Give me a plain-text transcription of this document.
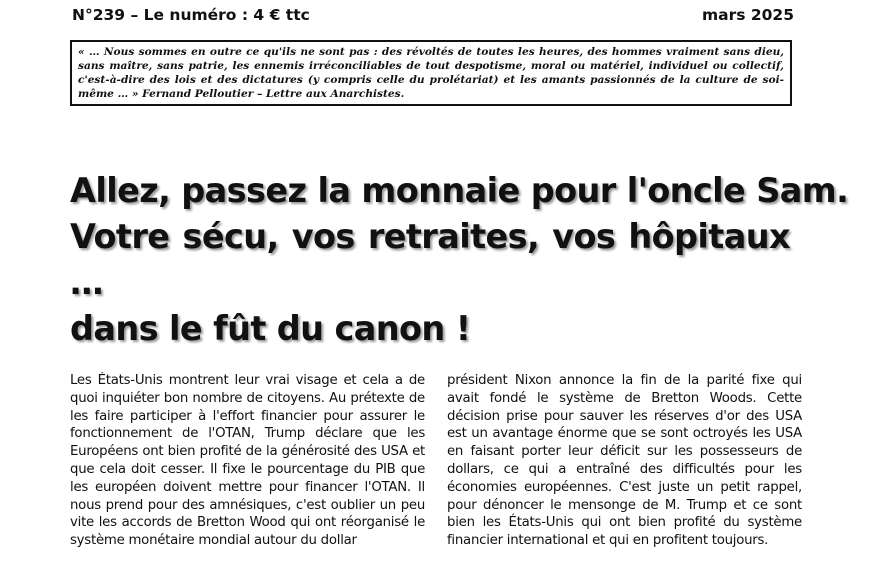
N°239 – Le numéro : 4 € ttc	mars 2025
« … Nous sommes en outre ce qu'ils ne sont pas : des révoltés de toutes les heures, des hommes vraiment sans dieu, sans maître, sans patrie, les ennemis irréconciliables de tout despotisme, moral ou matériel, individuel ou collectif, c'est-à-dire des lois et des dictatures (y compris celle du prolétariat) et les amants passionnés de la culture de soi-même … » Fernand Pelloutier – Lettre aux Anarchistes.
Allez, passez la monnaie pour l'oncle Sam.
Votre sécu, vos retraites, vos hôpitaux …
dans le fût du canon !

Les États-Unis montrent leur vrai visage et cela a de quoi inquiéter bon nombre de citoyens. Au prétexte de les faire participer à l'effort financier pour assurer le fonctionnement de l'OTAN, Trump déclare que les Européens ont bien profité de la générosité des USA et que cela doit cesser. Il fixe le pourcentage du PIB que les européen doivent mettre pour financer l'OTAN. Il nous prend pour des amnésiques, c'est oublier un peu vite les accords de Bretton Wood qui ont réorganisé le système monétaire mondial autour du dollar

président Nixon annonce la fin de la parité fixe qui avait fondé le système de Bretton Woods. Cette décision prise pour sauver les réserves d'or des USA est un avantage énorme que se sont octroyés les USA en faisant porter leur déficit sur les possesseurs de dollars, ce qui a entraîné des difficultés pour les économies européennes. C'est juste un petit rappel, pour dénoncer le mensonge de M. Trump et ce sont bien les États-Unis qui ont bien profité du système financier international et qui en profitent toujours.
